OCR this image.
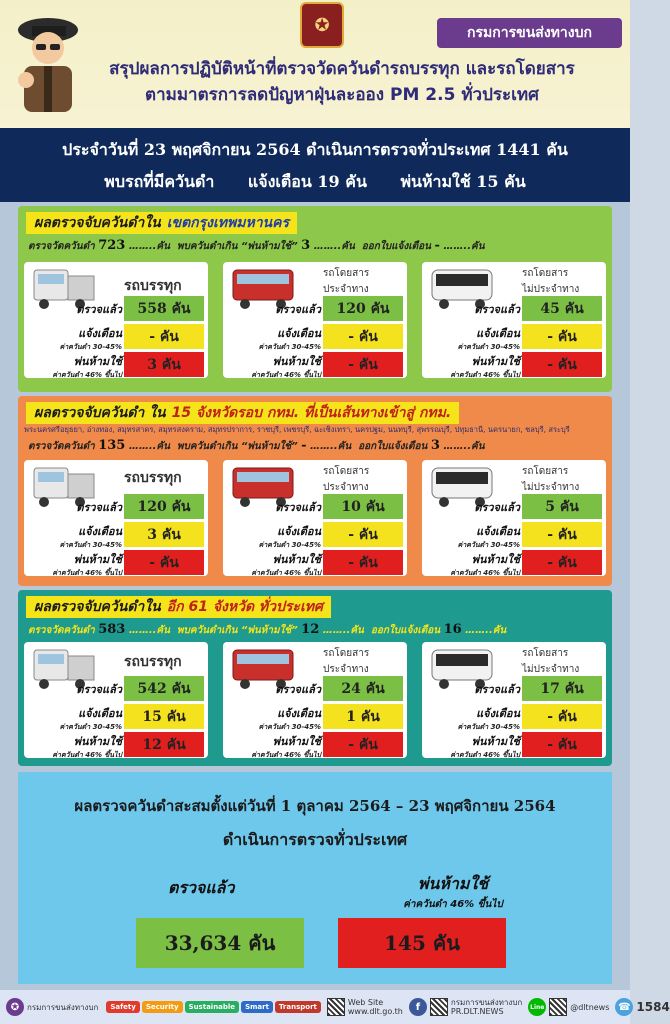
✪	กรมการขนส่งทางบก
สรุปผลการปฏิบัติหน้าที่ตรวจวัดควันดำรถบรรทุก และรถโดยสาร
ตามมาตรการลดปัญหาฝุ่นละออง PM 2.5 ทั่วประเทศ
ประจำวันที่ 23 พฤศจิกายน 2564 ดำเนินการตรวจทั่วประเทศ 1441 คัน
พบรถที่มีควันดำ แจ้งเตือน 19 คัน พ่นห้ามใช้ 15 คัน
ผลตรวจจับควันดำใน เขตกรุงเทพมหานคร
ตรวจวัดควันดำ 723 ……..คัน พบควันดำเกิน “พ่นห้ามใช้” 3 ……..คัน ออกใบแจ้งเตือน - ……..คัน
รถบรรทุก
ตรวจแล้ว	558 คัน
แจ้งเตือน
ค่าควันดำ 30-45%
- คัน
พ่นห้ามใช้
ค่าควันดำ 46% ขึ้นไป
3 คัน
รถโดยสาร
ประจำทาง
ตรวจแล้ว	120 คัน
แจ้งเตือน
ค่าควันดำ 30-45%
- คัน
พ่นห้ามใช้
ค่าควันดำ 46% ขึ้นไป
- คัน
รถโดยสาร
ไม่ประจำทาง
ตรวจแล้ว	45 คัน
แจ้งเตือน
ค่าควันดำ 30-45%
- คัน
พ่นห้ามใช้
ค่าควันดำ 46% ขึ้นไป
- คัน
ผลตรวจจับควันดำ ใน 15 จังหวัดรอบ กทม. ที่เป็นเส้นทางเข้าสู่ กทม.
พระนครศรีอยุธยา, อ่างทอง, สมุทรสาคร, สมุทรสงคราม, สมุทรปราการ, ราชบุรี, เพชรบุรี, ฉะเชิงเทรา, นครปฐม, นนทบุรี, สุพรรณบุรี, ปทุมธานี, นครนายก, ชลบุรี, สระบุรี
ตรวจวัดควันดำ 135 ……..คัน พบควันดำเกิน “พ่นห้ามใช้” - ……..คัน ออกใบแจ้งเตือน 3 ……..คัน
รถบรรทุก
ตรวจแล้ว	120 คัน
แจ้งเตือน
ค่าควันดำ 30-45%
3 คัน
พ่นห้ามใช้
ค่าควันดำ 46% ขึ้นไป
- คัน
รถโดยสาร
ประจำทาง
ตรวจแล้ว	10 คัน
แจ้งเตือน
ค่าควันดำ 30-45%
- คัน
พ่นห้ามใช้
ค่าควันดำ 46% ขึ้นไป
- คัน
รถโดยสาร
ไม่ประจำทาง
ตรวจแล้ว	5 คัน
แจ้งเตือน
ค่าควันดำ 30-45%
- คัน
พ่นห้ามใช้
ค่าควันดำ 46% ขึ้นไป
- คัน
ผลตรวจจับควันดำใน อีก 61 จังหวัด ทั่วประเทศ
ตรวจวัดควันดำ 583 ……..คัน พบควันดำเกิน “พ่นห้ามใช้” 12 ……..คัน ออกใบแจ้งเตือน 16 ……..คัน
รถบรรทุก
ตรวจแล้ว	542 คัน
แจ้งเตือน
ค่าควันดำ 30-45%
15 คัน
พ่นห้ามใช้
ค่าควันดำ 46% ขึ้นไป
12 คัน
รถโดยสาร
ประจำทาง
ตรวจแล้ว	24 คัน
แจ้งเตือน
ค่าควันดำ 30-45%
1 คัน
พ่นห้ามใช้
ค่าควันดำ 46% ขึ้นไป
- คัน
รถโดยสาร
ไม่ประจำทาง
ตรวจแล้ว	17 คัน
แจ้งเตือน
ค่าควันดำ 30-45%
- คัน
พ่นห้ามใช้
ค่าควันดำ 46% ขึ้นไป
- คัน
ผลตรวจควันดำสะสมตั้งแต่วันที่ 1 ตุลาคม 2564 – 23 พฤศจิกายน 2564
ดำเนินการตรวจทั่วประเทศ
ตรวจแล้ว	พ่นห้ามใช้
ค่าควันดำ 46% ขึ้นไป
33,634 คัน	145 คัน
✪ กรมการขนส่งทางบก	Safety	Security	Sustainable	Smart	Transport	Web Site
www.dlt.go.th	f	กรมการขนส่งทางบก
PR.DLT.NEWS	Line	@dltnews ☎ 1584
